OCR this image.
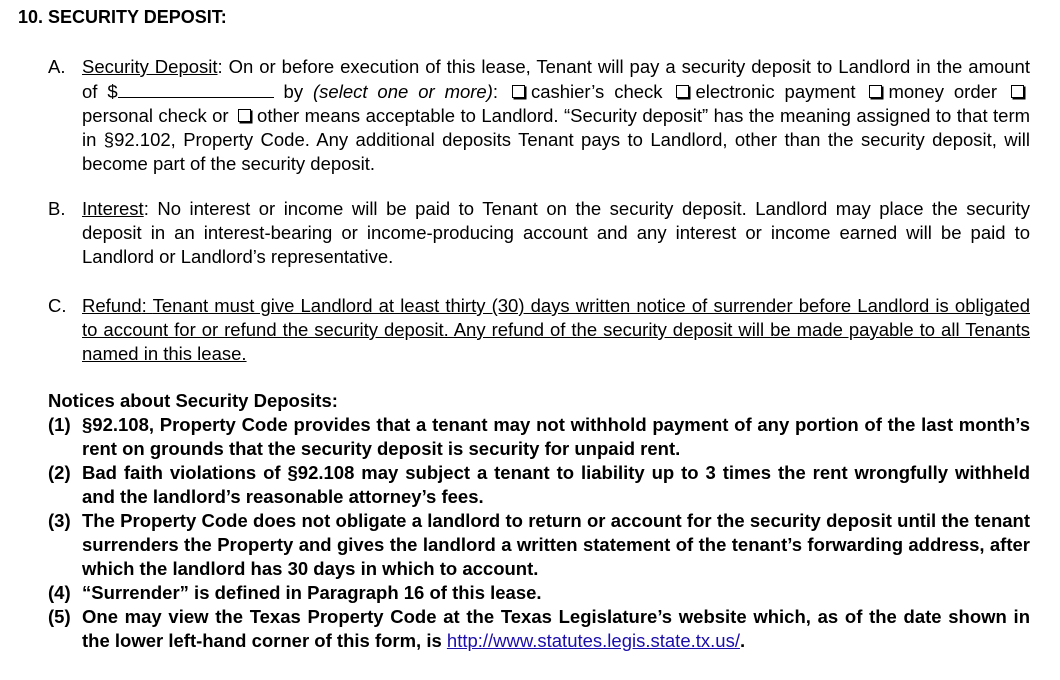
10. SECURITY DEPOSIT:
A. Security Deposit: On or before execution of this lease, Tenant will pay a security deposit to Landlord in the amount of $	by (select one or more): cashier’s check electronic payment money order personal check or other means acceptable to Landlord. “Security deposit” has the meaning assigned to that term in §92.102, Property Code. Any additional deposits Tenant pays to Landlord, other than the security deposit, will become part of the security deposit.
B. Interest: No interest or income will be paid to Tenant on the security deposit. Landlord may place the security deposit in an interest-bearing or income-producing account and any interest or income earned will be paid to Landlord or Landlord’s representative.
C. Refund: Tenant must give Landlord at least thirty (30) days written notice of surrender before Landlord is obligated to account for or refund the security deposit. Any refund of the security deposit will be made payable to all Tenants named in this lease.

Notices about Security Deposits:

(1) §92.108, Property Code provides that a tenant may not withhold payment of any portion of the last month’s rent on grounds that the security deposit is security for unpaid rent.
(2) Bad faith violations of §92.108 may subject a tenant to liability up to 3 times the rent wrongfully withheld and the landlord’s reasonable attorney’s fees.
(3) The Property Code does not obligate a landlord to return or account for the security deposit until the tenant surrenders the Property and gives the landlord a written statement of the tenant’s forwarding address, after which the landlord has 30 days in which to account.
(4) “Surrender” is defined in Paragraph 16 of this lease.
(5) One may view the Texas Property Code at the Texas Legislature’s website which, as of the date shown in the lower left-hand corner of this form, is http://www.statutes.legis.state.tx.us/.
